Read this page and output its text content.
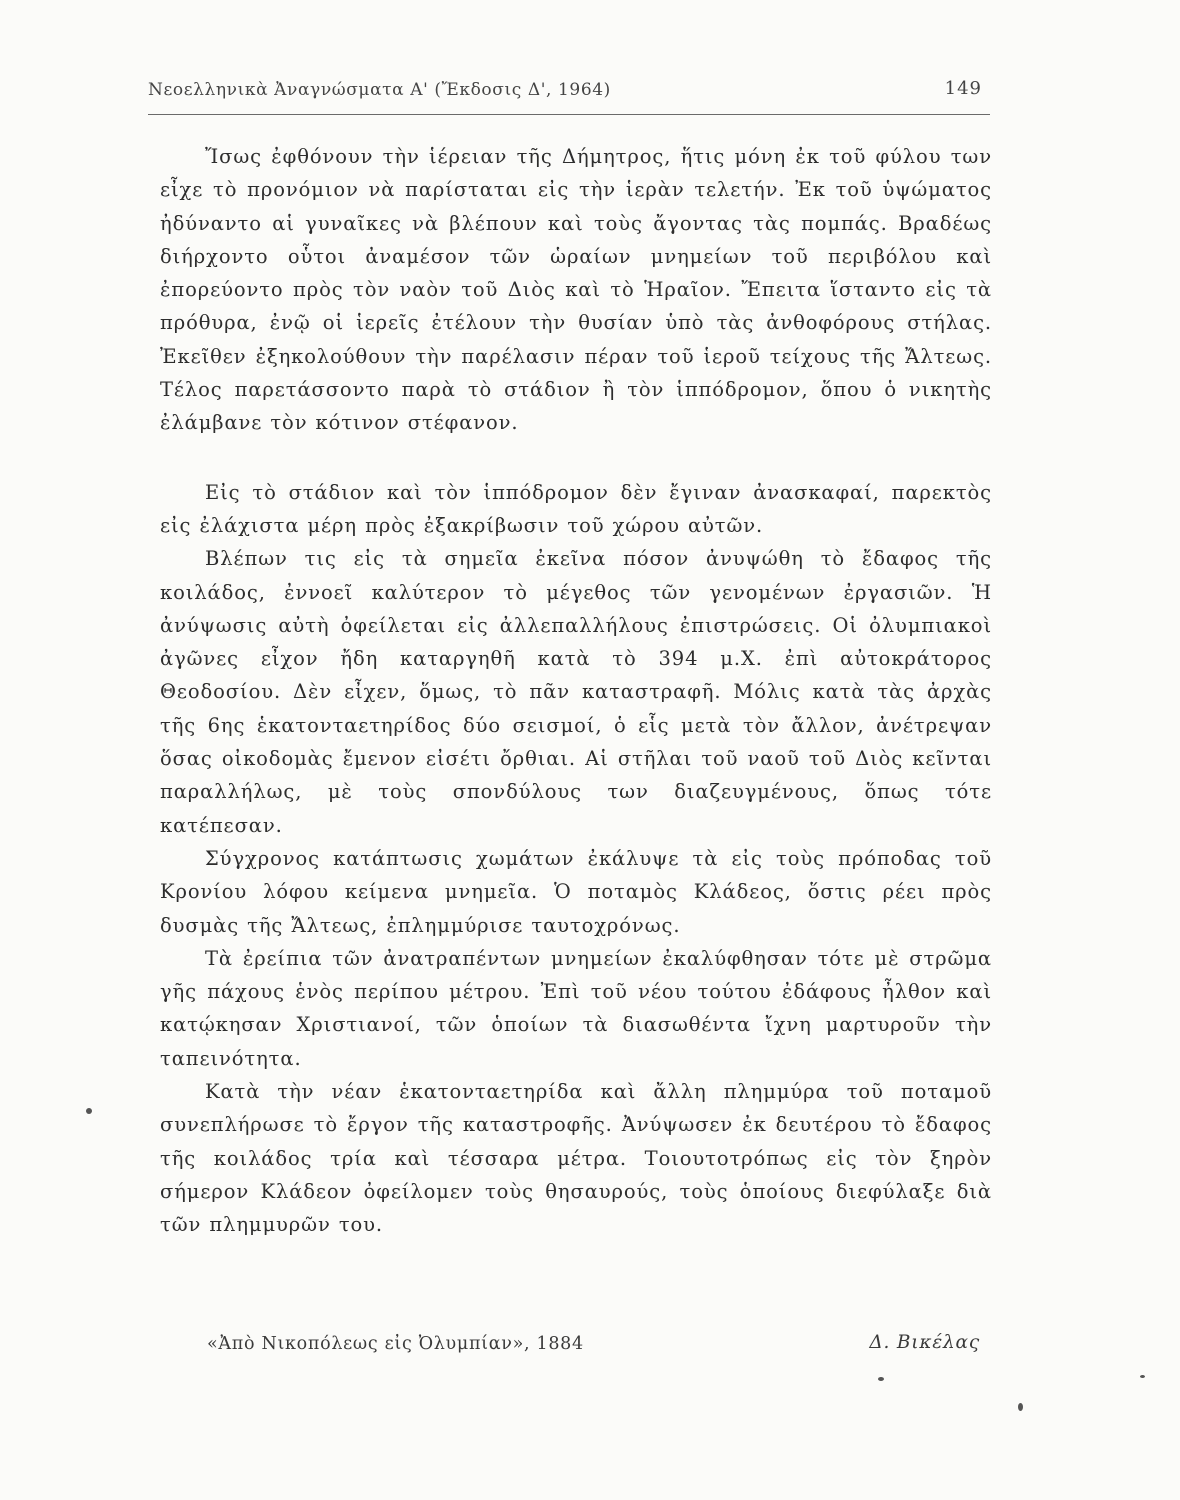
Νεοελληνικὰ Ἀναγνώσματα Α' (Ἔκδοσις Δ', 1964)	149

Ἴσως ἐφθόνουν τὴν ἱέρειαν τῆς Δήμητρος, ἥτις μόνη ἐκ τοῦ φύλου των εἶχε τὸ προνόμιον νὰ παρίσταται εἰς τὴν ἱερὰν τελετήν. Ἐκ τοῦ ὑψώματος ἠδύναντο αἱ γυναῖκες νὰ βλέπουν καὶ τοὺς ἄγοντας τὰς πομπάς. Βραδέως διήρχοντο οὗτοι ἀναμέσον τῶν ὡραίων μνημείων τοῦ περιβόλου καὶ ἐπορεύοντο πρὸς τὸν ναὸν τοῦ Διὸς καὶ τὸ Ἡραῖον. Ἔπειτα ἵσταντο εἰς τὰ πρόθυρα, ἐνῷ οἱ ἱερεῖς ἐτέλουν τὴν θυσίαν ὑπὸ τὰς ἀνθοφόρους στήλας. Ἐκεῖθεν ἐξηκολούθουν τὴν παρέλασιν πέραν τοῦ ἱεροῦ τείχους τῆς Ἄλτεως. Τέλος παρετάσσοντο παρὰ τὸ στάδιον ἢ τὸν ἱππόδρομον, ὅπου ὁ νικητὴς ἐλάμβανε τὸν κότινον στέφανον.

Εἰς τὸ στάδιον καὶ τὸν ἱππόδρομον δὲν ἔγιναν ἀνασκαφαί, παρεκτὸς εἰς ἐλάχιστα μέρη πρὸς ἐξακρίβωσιν τοῦ χώρου αὐτῶν.

Βλέπων τις εἰς τὰ σημεῖα ἐκεῖνα πόσον ἀνυψώθη τὸ ἔδαφος τῆς κοιλάδος, ἐννοεῖ καλύτερον τὸ μέγεθος τῶν γενομένων ἐργασιῶν. Ἡ ἀνύψωσις αὐτὴ ὀφείλεται εἰς ἀλλεπαλλήλους ἐπιστρώσεις. Οἱ ὀλυμπιακοὶ ἀγῶνες εἶχον ἤδη καταργηθῆ κατὰ τὸ 394 μ.Χ. ἐπὶ αὐτοκράτορος Θεοδοσίου. Δὲν εἶχεν, ὅμως, τὸ πᾶν καταστραφῆ. Μόλις κατὰ τὰς ἀρχὰς τῆς 6ης ἑκατονταετηρίδος δύο σεισμοί, ὁ εἷς μετὰ τὸν ἄλλον, ἀνέτρεψαν ὅσας οἰκοδομὰς ἔμενον εἰσέτι ὄρθιαι. Αἱ στῆλαι τοῦ ναοῦ τοῦ Διὸς κεῖνται παραλλήλως, μὲ τοὺς σπονδύλους των διαζευγμένους, ὅπως τότε κατέπεσαν.

Σύγχρονος κατάπτωσις χωμάτων ἐκάλυψε τὰ εἰς τοὺς πρόποδας τοῦ Κρονίου λόφου κείμενα μνημεῖα. Ὁ ποταμὸς Κλάδεος, ὅστις ρέει πρὸς δυσμὰς τῆς Ἄλτεως, ἐπλημμύρισε ταυτοχρόνως.

Τὰ ἐρείπια τῶν ἀνατραπέντων μνημείων ἐκαλύφθησαν τότε μὲ στρῶμα γῆς πάχους ἑνὸς περίπου μέτρου. Ἐπὶ τοῦ νέου τούτου ἐδάφους ἦλθον καὶ κατῴκησαν Χριστιανοί, τῶν ὁποίων τὰ διασωθέντα ἴχνη μαρτυροῦν τὴν ταπεινότητα.

Κατὰ τὴν νέαν ἑκατονταετηρίδα καὶ ἄλλη πλημμύρα τοῦ ποταμοῦ συνεπλήρωσε τὸ ἔργον τῆς καταστροφῆς. Ἀνύψωσεν ἐκ δευτέρου τὸ ἔδαφος τῆς κοιλάδος τρία καὶ τέσσαρα μέτρα. Τοιουτοτρόπως εἰς τὸν ξηρὸν σήμερον Κλάδεον ὀφείλομεν τοὺς θησαυρούς, τοὺς ὁποίους διεφύλαξε διὰ τῶν πλημμυρῶν του.

«Ἀπὸ Νικοπόλεως εἰς Ὀλυμπίαν», 1884	Δ. Βικέλας
